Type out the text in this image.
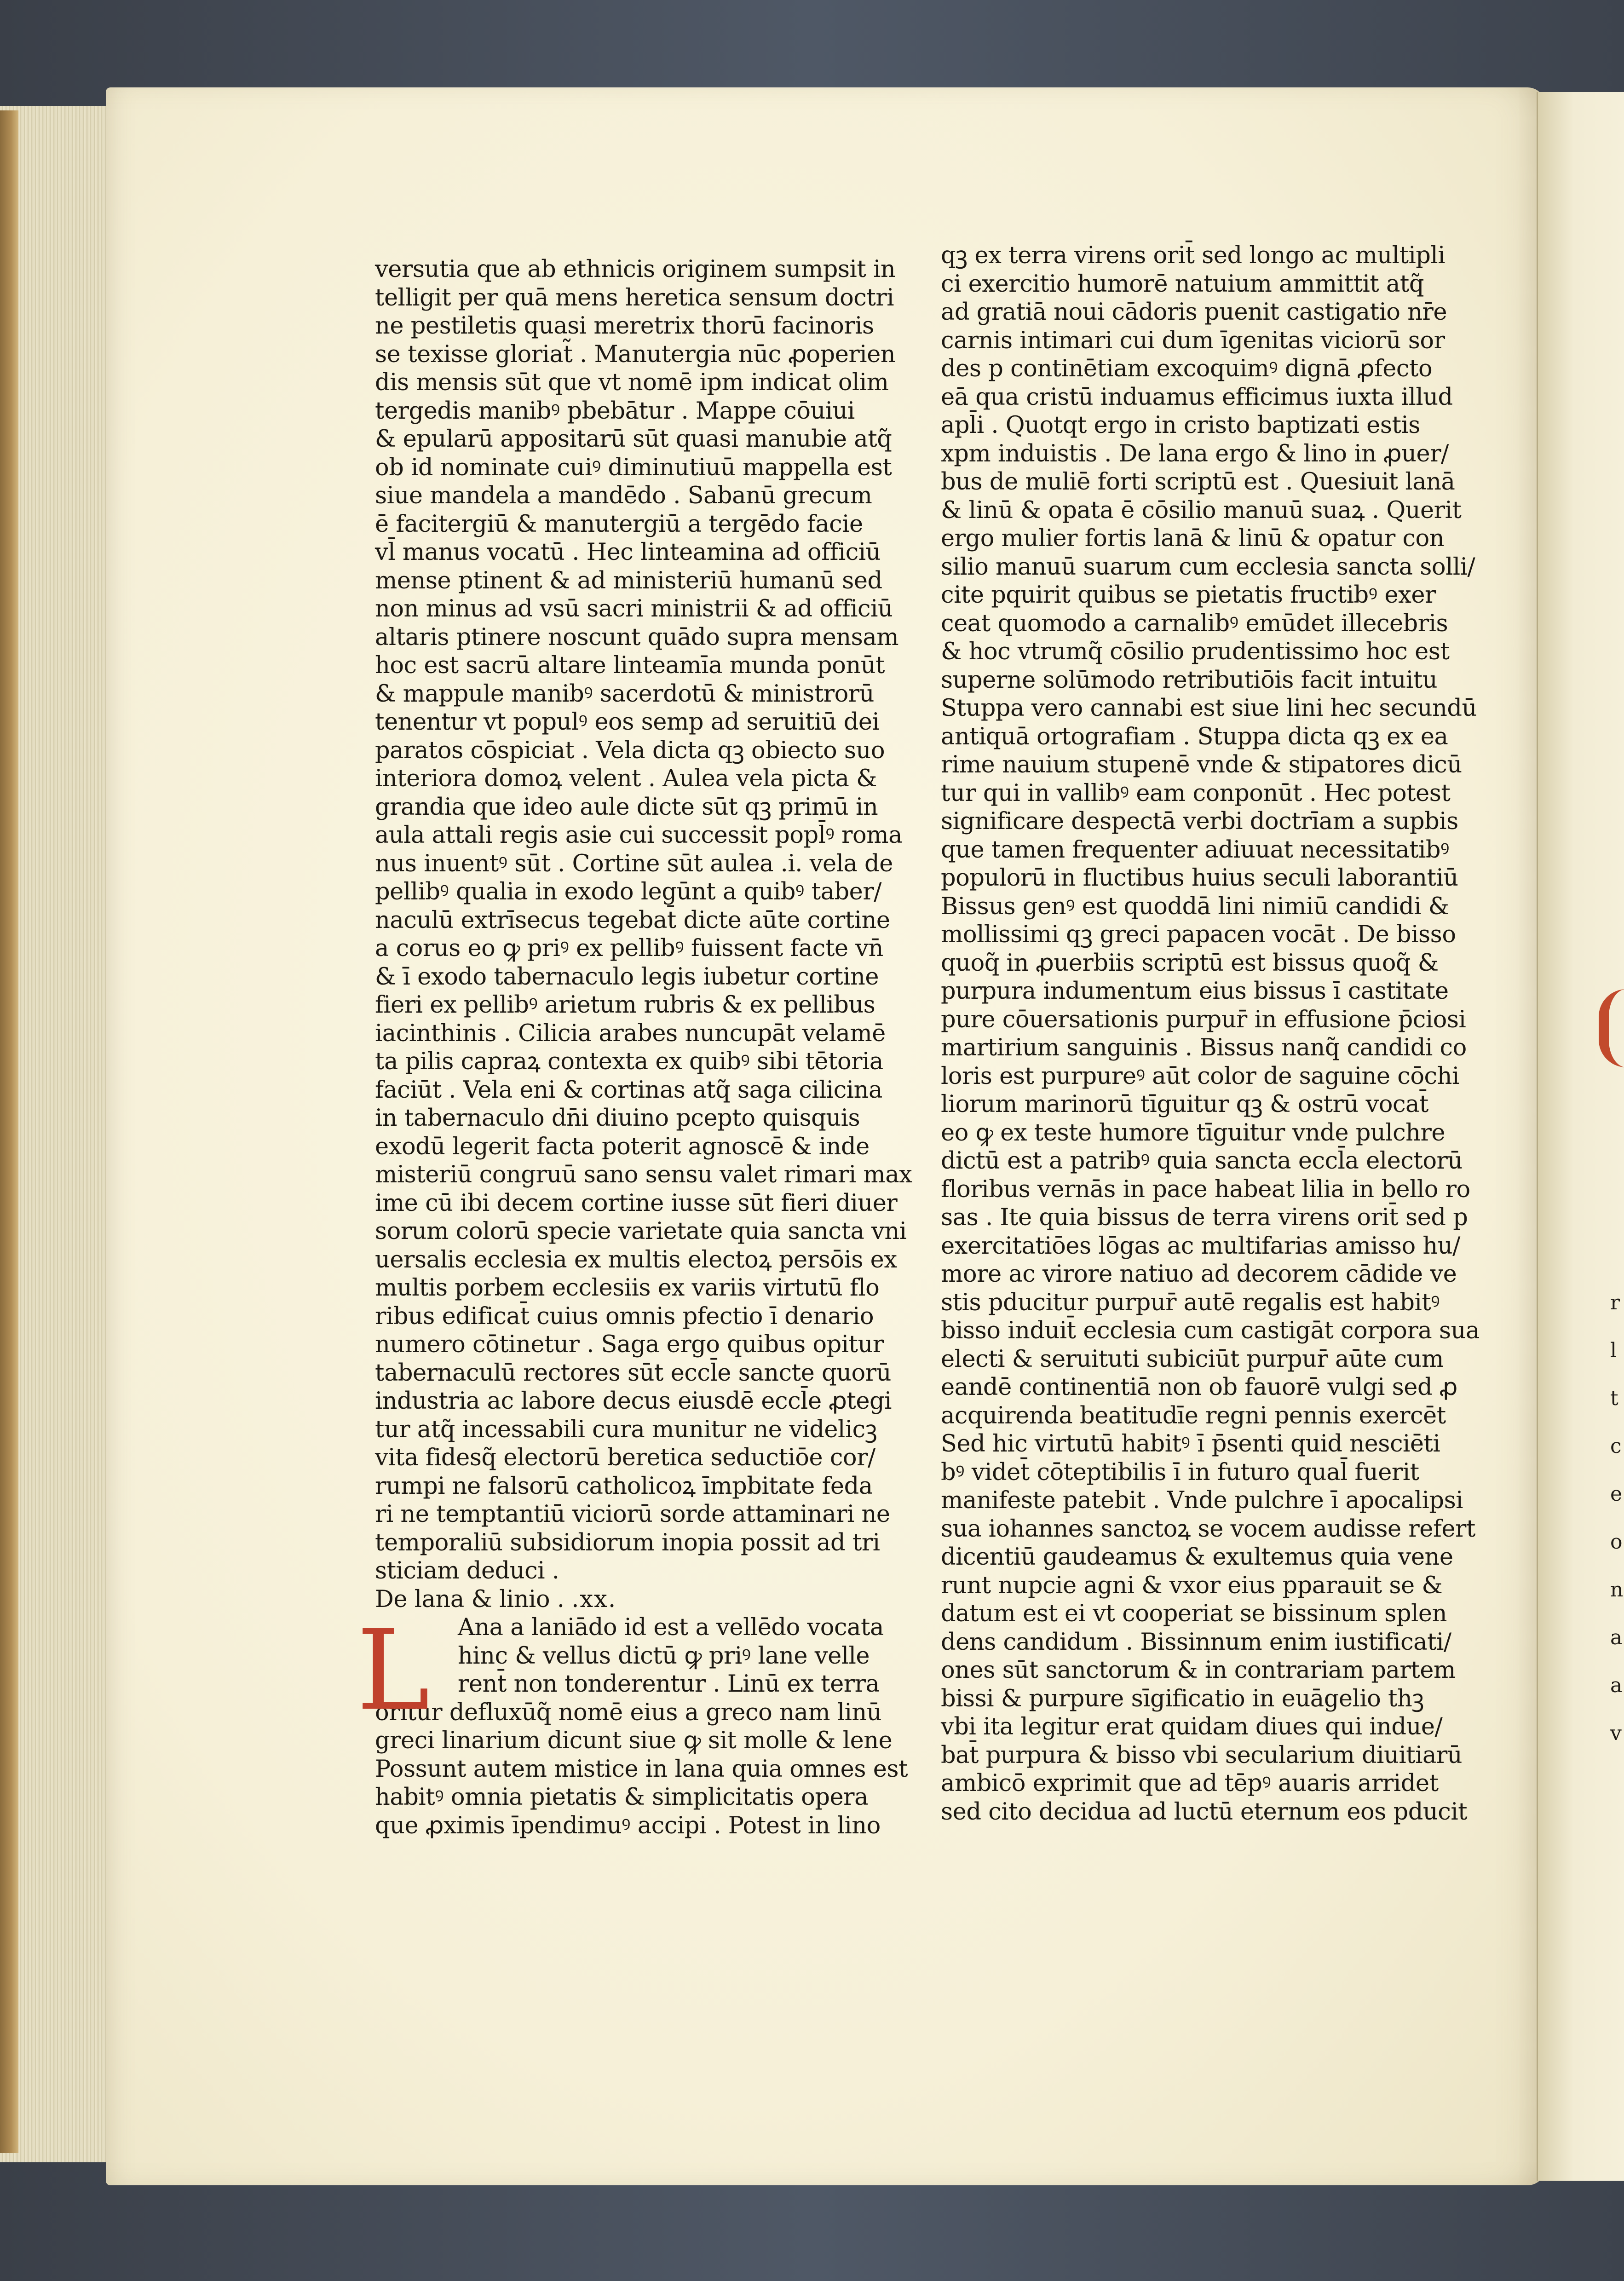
r
l
t
c
e
o
n
a
a
v
versutia que ab ethnicis originem sumpsit in
telligit per quā mens heretica sensum doctri
ne pestiletis quasi meretrix thorū facinoris
se texisse gloriat̃ . Manutergia nūc ꝓoperien
dis mensis sūt que vt nomē ipm indicat olim
tergedis manibꝰ pbebātur . Mappe cōuiui
& epularū appositarū sūt quasi manubie atq̃
ob id nominate cuiꝰ diminutiuū mappella est
siue mandela a mandēdo . Sabanū grecum
ē facitergiū & manutergiū a tergēdo facie
vl̄ manus vocatū . Hec linteamina ad officiū
mense ptinent & ad ministeriū humanū sed
non minus ad vsū sacri ministrii & ad officiū
altaris ptinere noscunt quādo supra mensam
hoc est sacrū altare linteamīa munda ponūt
& mappule manibꝰ sacerdotū & ministrorū
tenentur vt populꝰ eos semp ad seruitiū dei
paratos cōspiciat . Vela dicta qꝫ obiecto suo
interiora domoꝝ velent . Aulea vela picta &
grandia que ideo aule dicte sūt qꝫ primū in
aula attali regis asie cui successit popl̄ꝰ roma
nus inuentꝰ sūt . Cortine sūt aulea .i. vela de
pellibꝰ qualia in exodo legūnt a quibꝰ taber/
naculū extrīsecus tegebat̄ dicte aūte cortine
a corus eo ꝙ priꝰ ex pellibꝰ fuissent facte vn̄
& ī exodo tabernaculo legis iubetur cortine
fieri ex pellibꝰ arietum rubris & ex pellibus
iacinthinis . Cilicia arabes nuncupāt velamē
ta pilis capraꝝ contexta ex quibꝰ sibi tētoria
faciūt . Vela eni & cortinas atq̃ saga cilicina
in tabernaculo dn̄i diuino pcepto quisquis
exodū legerit facta poterit agnoscē & inde
misteriū congruū sano sensu valet rimari max
ime cū ibi decem cortine iusse sūt fieri diuer
sorum colorū specie varietate quia sancta vni
uersalis ecclesia ex multis electoꝝ persōis ex
multis porbem ecclesiis ex variis virtutū flo
ribus edificat̄ cuius omnis pfectio ī denario
numero cōtinetur . Saga ergo quibus opitur
tabernaculū rectores sūt eccl̄e sancte quorū
industria ac labore decus eiusdē eccl̄e ꝓtegi
tur atq̃ incessabili cura munitur ne videlicꝫ
vita fidesq̃ electorū beretica seductiōe cor/
rumpi ne falsorū catholicoꝝ īmpbitate feda
ri ne temptantiū viciorū sorde attaminari ne
temporaliū subsidiorum inopia possit ad tri
sticiam deduci .
De lana & linio . .xx.
L Ana a laniādo id est a vellēdo vocata
hinc & vellus dictū ꝙ priꝰ lane velle
rent̄ non tonderentur . Linū ex terra
oritur defluxūq̃ nomē eius a greco nam linū
greci linarium dicunt siue ꝙ sit molle & lene
Possunt autem mistice in lana quia omnes est
habitꝰ omnia pietatis & simplicitatis opera
que ꝓximis īpendimuꝰ accipi . Potest in lino
qꝫ ex terra virens orit̄ sed longo ac multipli
ci exercitio humorē natuium ammittit atq̃
ad gratiā noui cādoris puenit castigatio nr̄e
carnis intimari cui dum īgenitas viciorū sor
des p continētiam excoquimꝰ dignā ꝓfecto
eā qua cristū induamus efficimus iuxta illud
apl̄i . Quotqt ergo in cristo baptizati estis
xpm induistis . De lana ergo & lino in ꝓuer/
bus de muliē forti scriptū est . Quesiuit lanā
& linū & opata ē cōsilio manuū suaꝝ . Querit
ergo mulier fortis lanā & linū & opatur con
silio manuū suarum cum ecclesia sancta solli/
cite pquirit quibus se pietatis fructibꝰ exer
ceat quomodo a carnalibꝰ emūdet illecebris
& hoc vtrumq̃ cōsilio prudentissimo hoc est
superne solūmodo retributiōis facit intuitu
Stuppa vero cannabi est siue lini hec secundū
antiquā ortografiam . Stuppa dicta qꝫ ex ea
rime nauium stupenē vnde & stipatores dicū
tur qui in vallibꝰ eam conponūt . Hec potest
significare despectā verbi doctrīam a supbis
que tamen frequenter adiuuat necessitatibꝰ
populorū in fluctibus huius seculi laborantiū
Bissus genꝰ est quoddā lini nimiū candidi &
mollissimi qꝫ greci papacen vocāt . De bisso
quoq̃ in ꝓuerbiis scriptū est bissus quoq̃ &
purpura indumentum eius bissus ī castitate
pure cōuersationis purpur̄ in effusione p̄ciosi
martirium sanguinis . Bissus nanq̃ candidi co
loris est purpureꝰ aūt color de saguine cōchi
liorum marinorū tīguitur qꝫ & ostrū vocat̄
eo ꝙ ex teste humore tīguitur vnde pulchre
dictū est a patribꝰ quia sancta eccl̄a electorū
floribus vernās in pace habeat lilia in bello ro
sas . Ite quia bissus de terra virens orit̄ sed p
exercitatiōes lōgas ac multifarias amisso hu/
more ac virore natiuo ad decorem cādide ve
stis pducitur purpur̄ autē regalis est habitꝰ
bisso induit̄ ecclesia cum castigāt corpora sua
electi & seruituti subiciūt purpur̄ aūte cum
eandē continentiā non ob fauorē vulgi sed ꝓ
acquirenda beatitudīe regni pennis exercēt
Sed hic virtutū habitꝰ ī p̄senti quid nesciēti
bꝰ videt̄ cōteptibilis ī in futuro qual̄ fuerit
manifeste patebit . Vnde pulchre ī apocalipsi
sua iohannes sanctoꝝ se vocem audisse refert
dicentiū gaudeamus & exultemus quia vene
runt nupcie agni & vxor eius pparauit se &
datum est ei vt cooperiat se bissinum splen
dens candidum . Bissinnum enim iustificati/
ones sūt sanctorum & in contrariam partem
bissi & purpure sīgificatio in euāgelio thꝫ
vbi ita legitur erat quidam diues qui indue/
bat̄ purpura & bisso vbi secularium diuitiarū
ambicō exprimit que ad tēpꝰ auaris arridet
sed cito decidua ad luctū eternum eos pducit
